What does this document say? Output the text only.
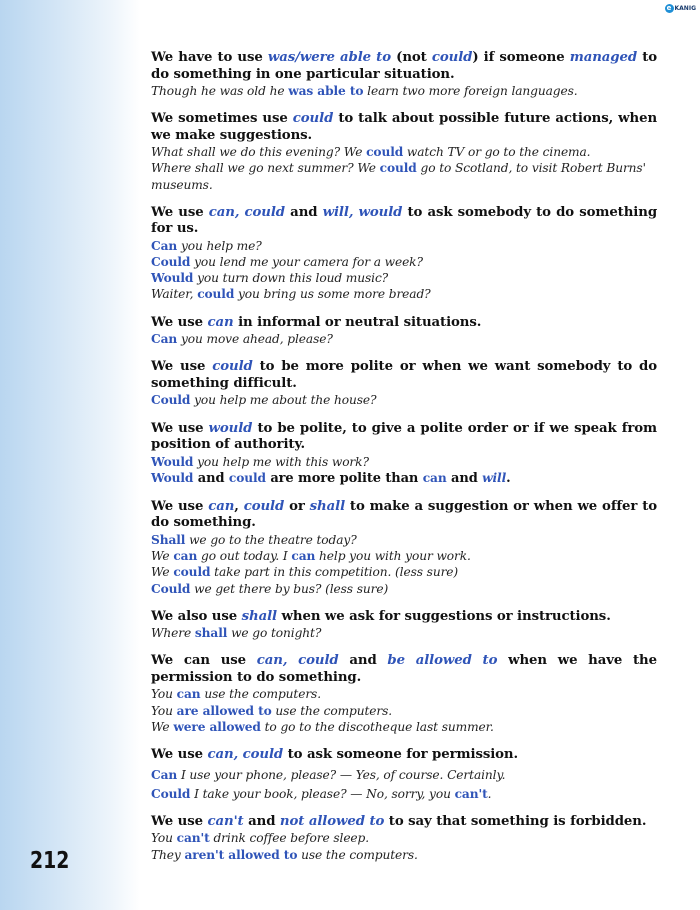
e KANIG
We have to use was/were able to (not could) if someone managed to do something in one particular situation.
Though he was old he was able to learn two more foreign languages.
We sometimes use could to talk about possible future actions, when we make suggestions.
What shall we do this evening? We could watch TV or go to the cinema.
Where shall we go next summer? We could go to Scotland, to visit Robert Burns' museums.
We use can, could and will, would to ask somebody to do something for us.
Can you help me?
Could you lend me your camera for a week?
Would you turn down this loud music?
Waiter, could you bring us some more bread?
We use can in informal or neutral situations.
Can you move ahead, please?
We use could to be more polite or when we want somebody to do something difficult.
Could you help me about the house?
We use would to be polite, to give a polite order or if we speak from position of authority.
Would you help me with this work?
Would and could are more polite than can and will.
We use can, could or shall to make a suggestion or when we offer to do something.
Shall we go to the theatre today?
We can go out today. I can help you with your work.
We could take part in this competition. (less sure)
Could we get there by bus? (less sure)
We also use shall when we ask for suggestions or instructions.
Where shall we go tonight?
We can use can, could and be allowed to when we have the permission to do something.
You can use the computers.
You are allowed to use the computers.
We were allowed to go to the discotheque last summer.
We use can, could to ask someone for permission.
Can I use your phone, please? — Yes, of course. Certainly.
Could I take your book, please? — No, sorry, you can't.
We use can't and not allowed to to say that something is forbidden.
You can't drink coffee before sleep.
They aren't allowed to use the computers.
212
